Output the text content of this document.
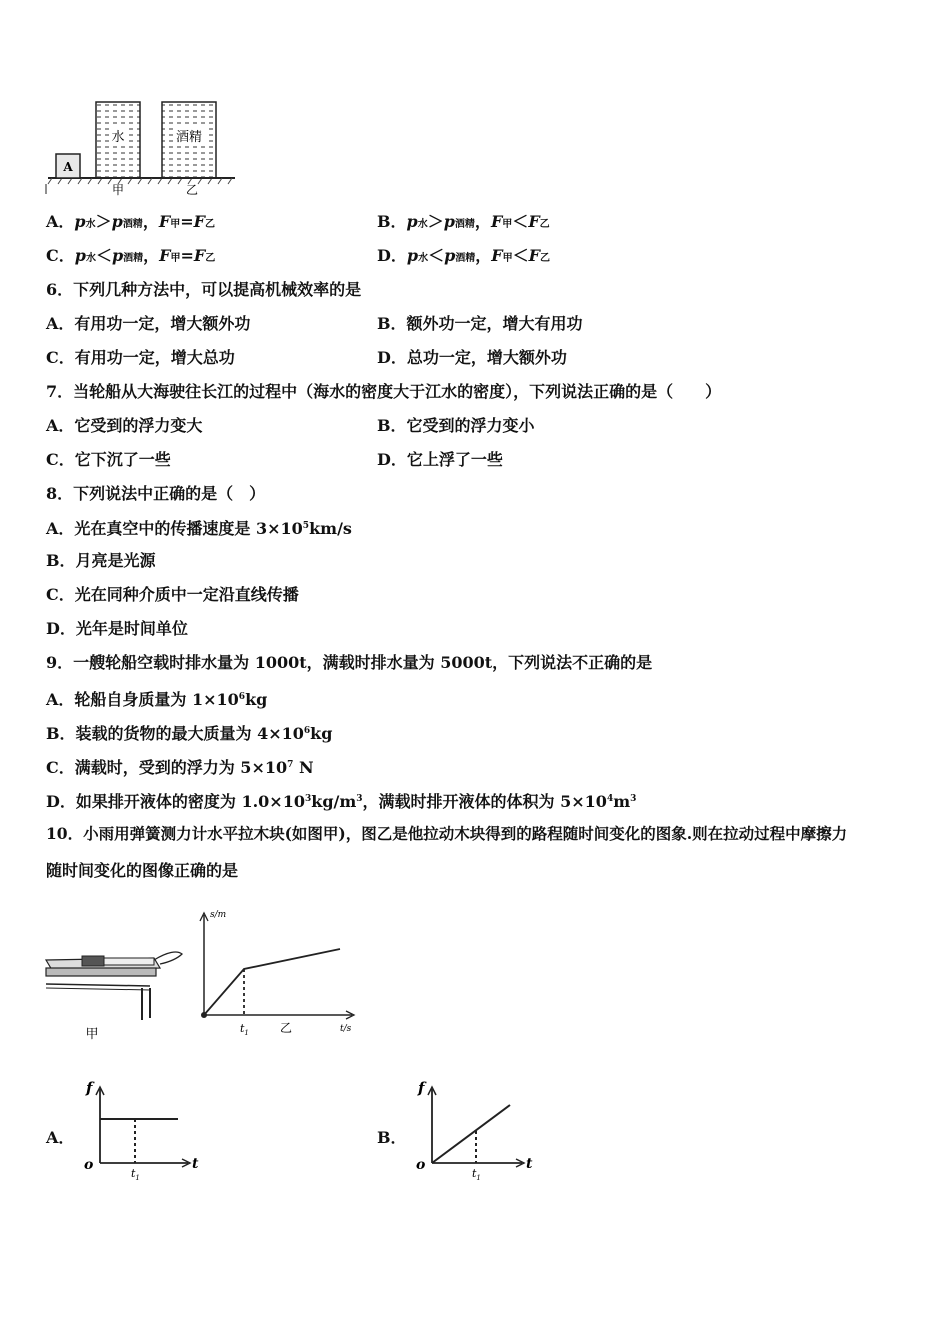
A
水	酒精
甲	乙
A．p水＞p酒精，F甲=F乙	B．p水＞p酒精，F甲＜F乙
C．p水＜p酒精，F甲=F乙	D．p水＜p酒精，F甲＜F乙
6．下列几种方法中，可以提高机械效率的是
A．有用功一定，增大额外功	B．额外功一定，增大有用功
C．有用功一定，增大总功	D．总功一定，增大额外功
7．当轮船从大海驶往长江的过程中（海水的密度大于江水的密度），下列说法正确的是（　　）
A．它受到的浮力变大	B．它受到的浮力变小
C．它下沉了一些	D．它上浮了一些
8．下列说法中正确的是（　）
A．光在真空中的传播速度是 $3\times 10^5km/s$
B．月亮是光源
C．光在同种介质中一定沿直线传播
D．光年是时间单位
9．一艘轮船空载时排水量为 1000t，满载时排水量为 5000t，下列说法不正确的是
A．轮船自身质量为 $1\times 10^6kg$
B．装载的货物的最大质量为 $4\times 10^6kg$
C．满载时，受到的浮力为 $5\times 10^7$ N
D．如果排开液体的密度为 $1.0\times 10^3kg/m^3$，满载时排开液体的体积为 $5\times 10^4m^3$
10．小雨用弹簧测力计水平拉木块(如图甲)，图乙是他拉动木块得到的路程随时间变化的图象.则在拉动过程中摩擦力
随时间变化的图像正确的是
甲
s/m
t/s
$t_1$	乙
A．
f
t
o
$t_1$
B．
f
t
o
$t_1$
